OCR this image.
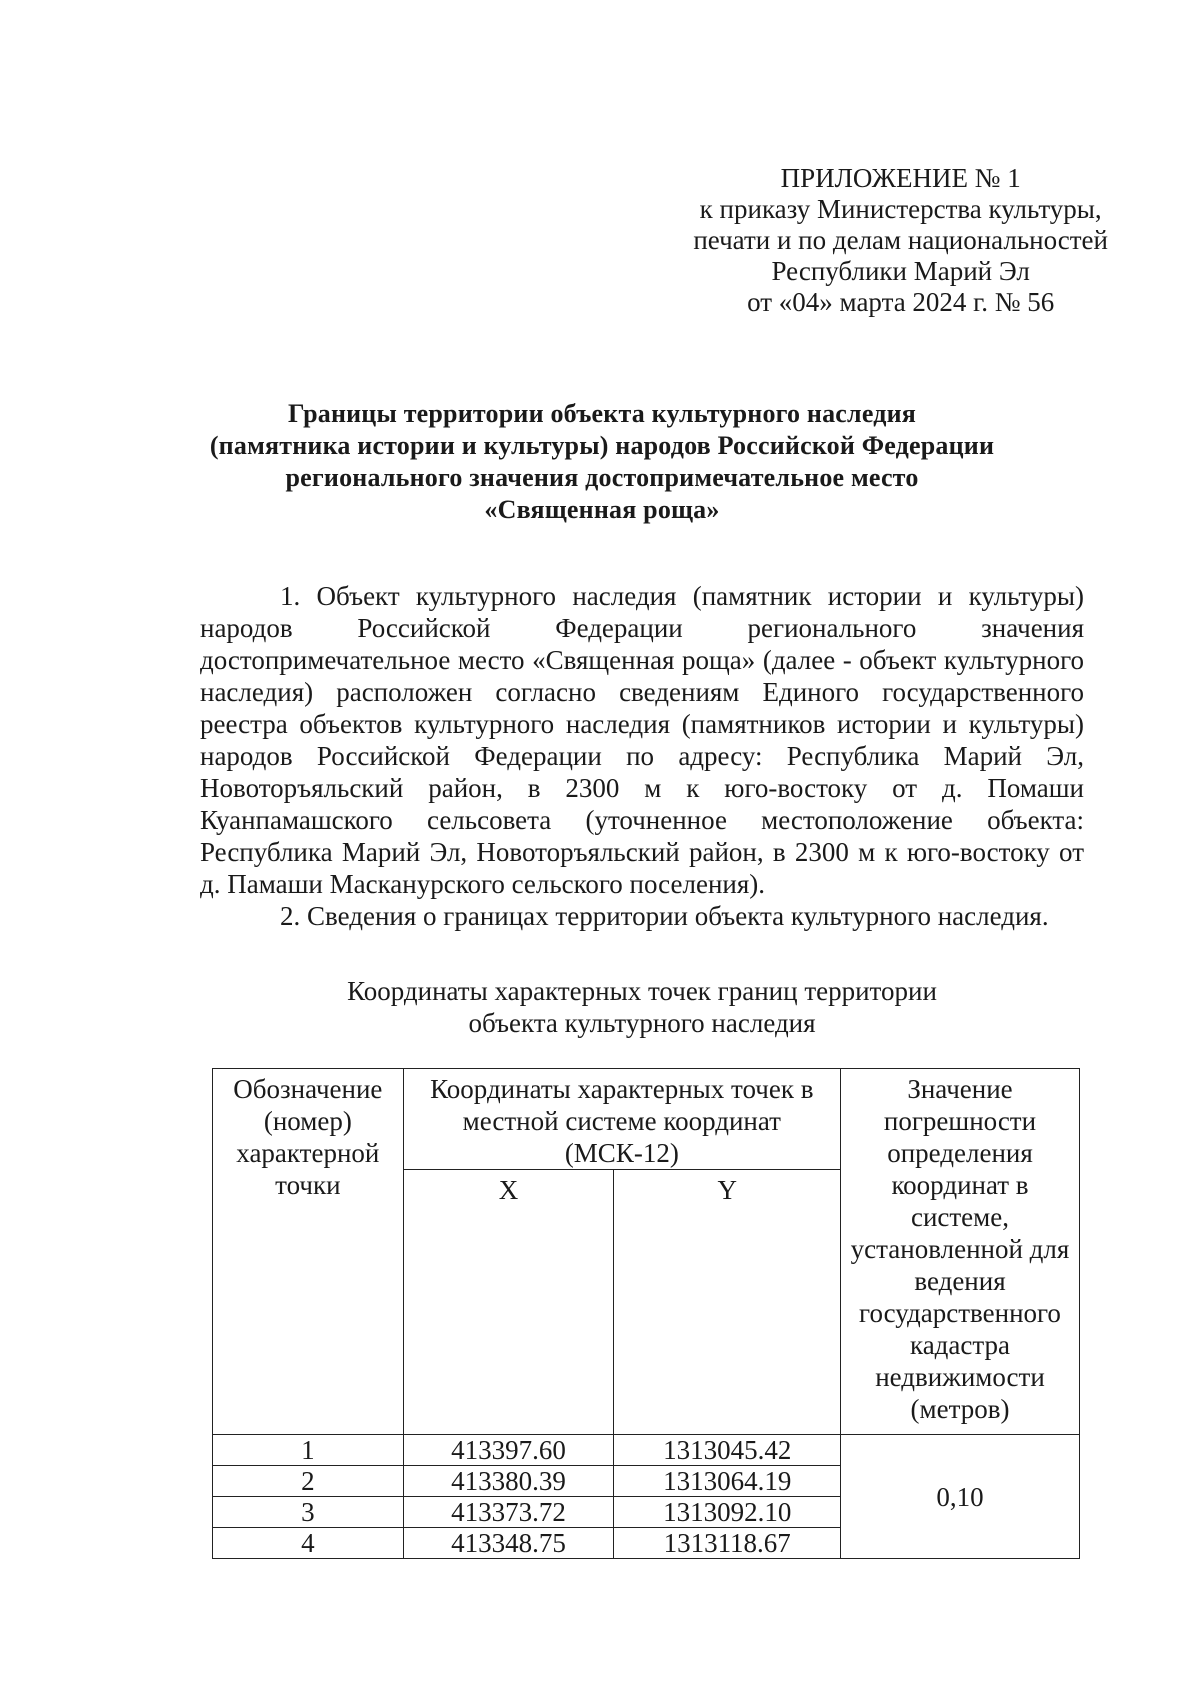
ПРИЛОЖЕНИЕ № 1
к приказу Министерства культуры,
печати и по делам национальностей
Республики Марий Эл
от «04» марта 2024 г. № 56
Границы территории объекта культурного наследия
(памятника истории и культуры) народов Российской Федерации
регионального значения достопримечательное место
«Священная роща»

1. Объект культурного наследия (памятник истории и культуры) народов Российской Федерации регионального значения достопримечательное место «Священная роща» (далее - объект культурного наследия) расположен согласно сведениям Единого государственного реестра объектов культурного наследия (памятников истории и культуры) народов Российской Федерации по адресу: Республика Марий Эл, Новоторъяльский район, в 2300 м к юго-востоку от д. Помаши Куанпамашского сельсовета (уточненное местоположение объекта: Республика Марий Эл, Новоторъяльский район, в 2300 м к юго-востоку от д. Памаши Масканурского сельского поселения).

2. Сведения о границах территории объекта культурного наследия.

Координаты характерных точек границ территории
объекта культурного наследия
Обозначение (номер) характерной точки	Координаты характерных точек в местной системе координат (МСК-12)		Значение погрешности определения координат в системе, установленной для ведения государственного кадастра недвижимости (метров)
	X	Y	
1	413397.60	1313045.42	0,10
2	413380.39	1313064.19	
3	413373.72	1313092.10	
4	413348.75	1313118.67	
